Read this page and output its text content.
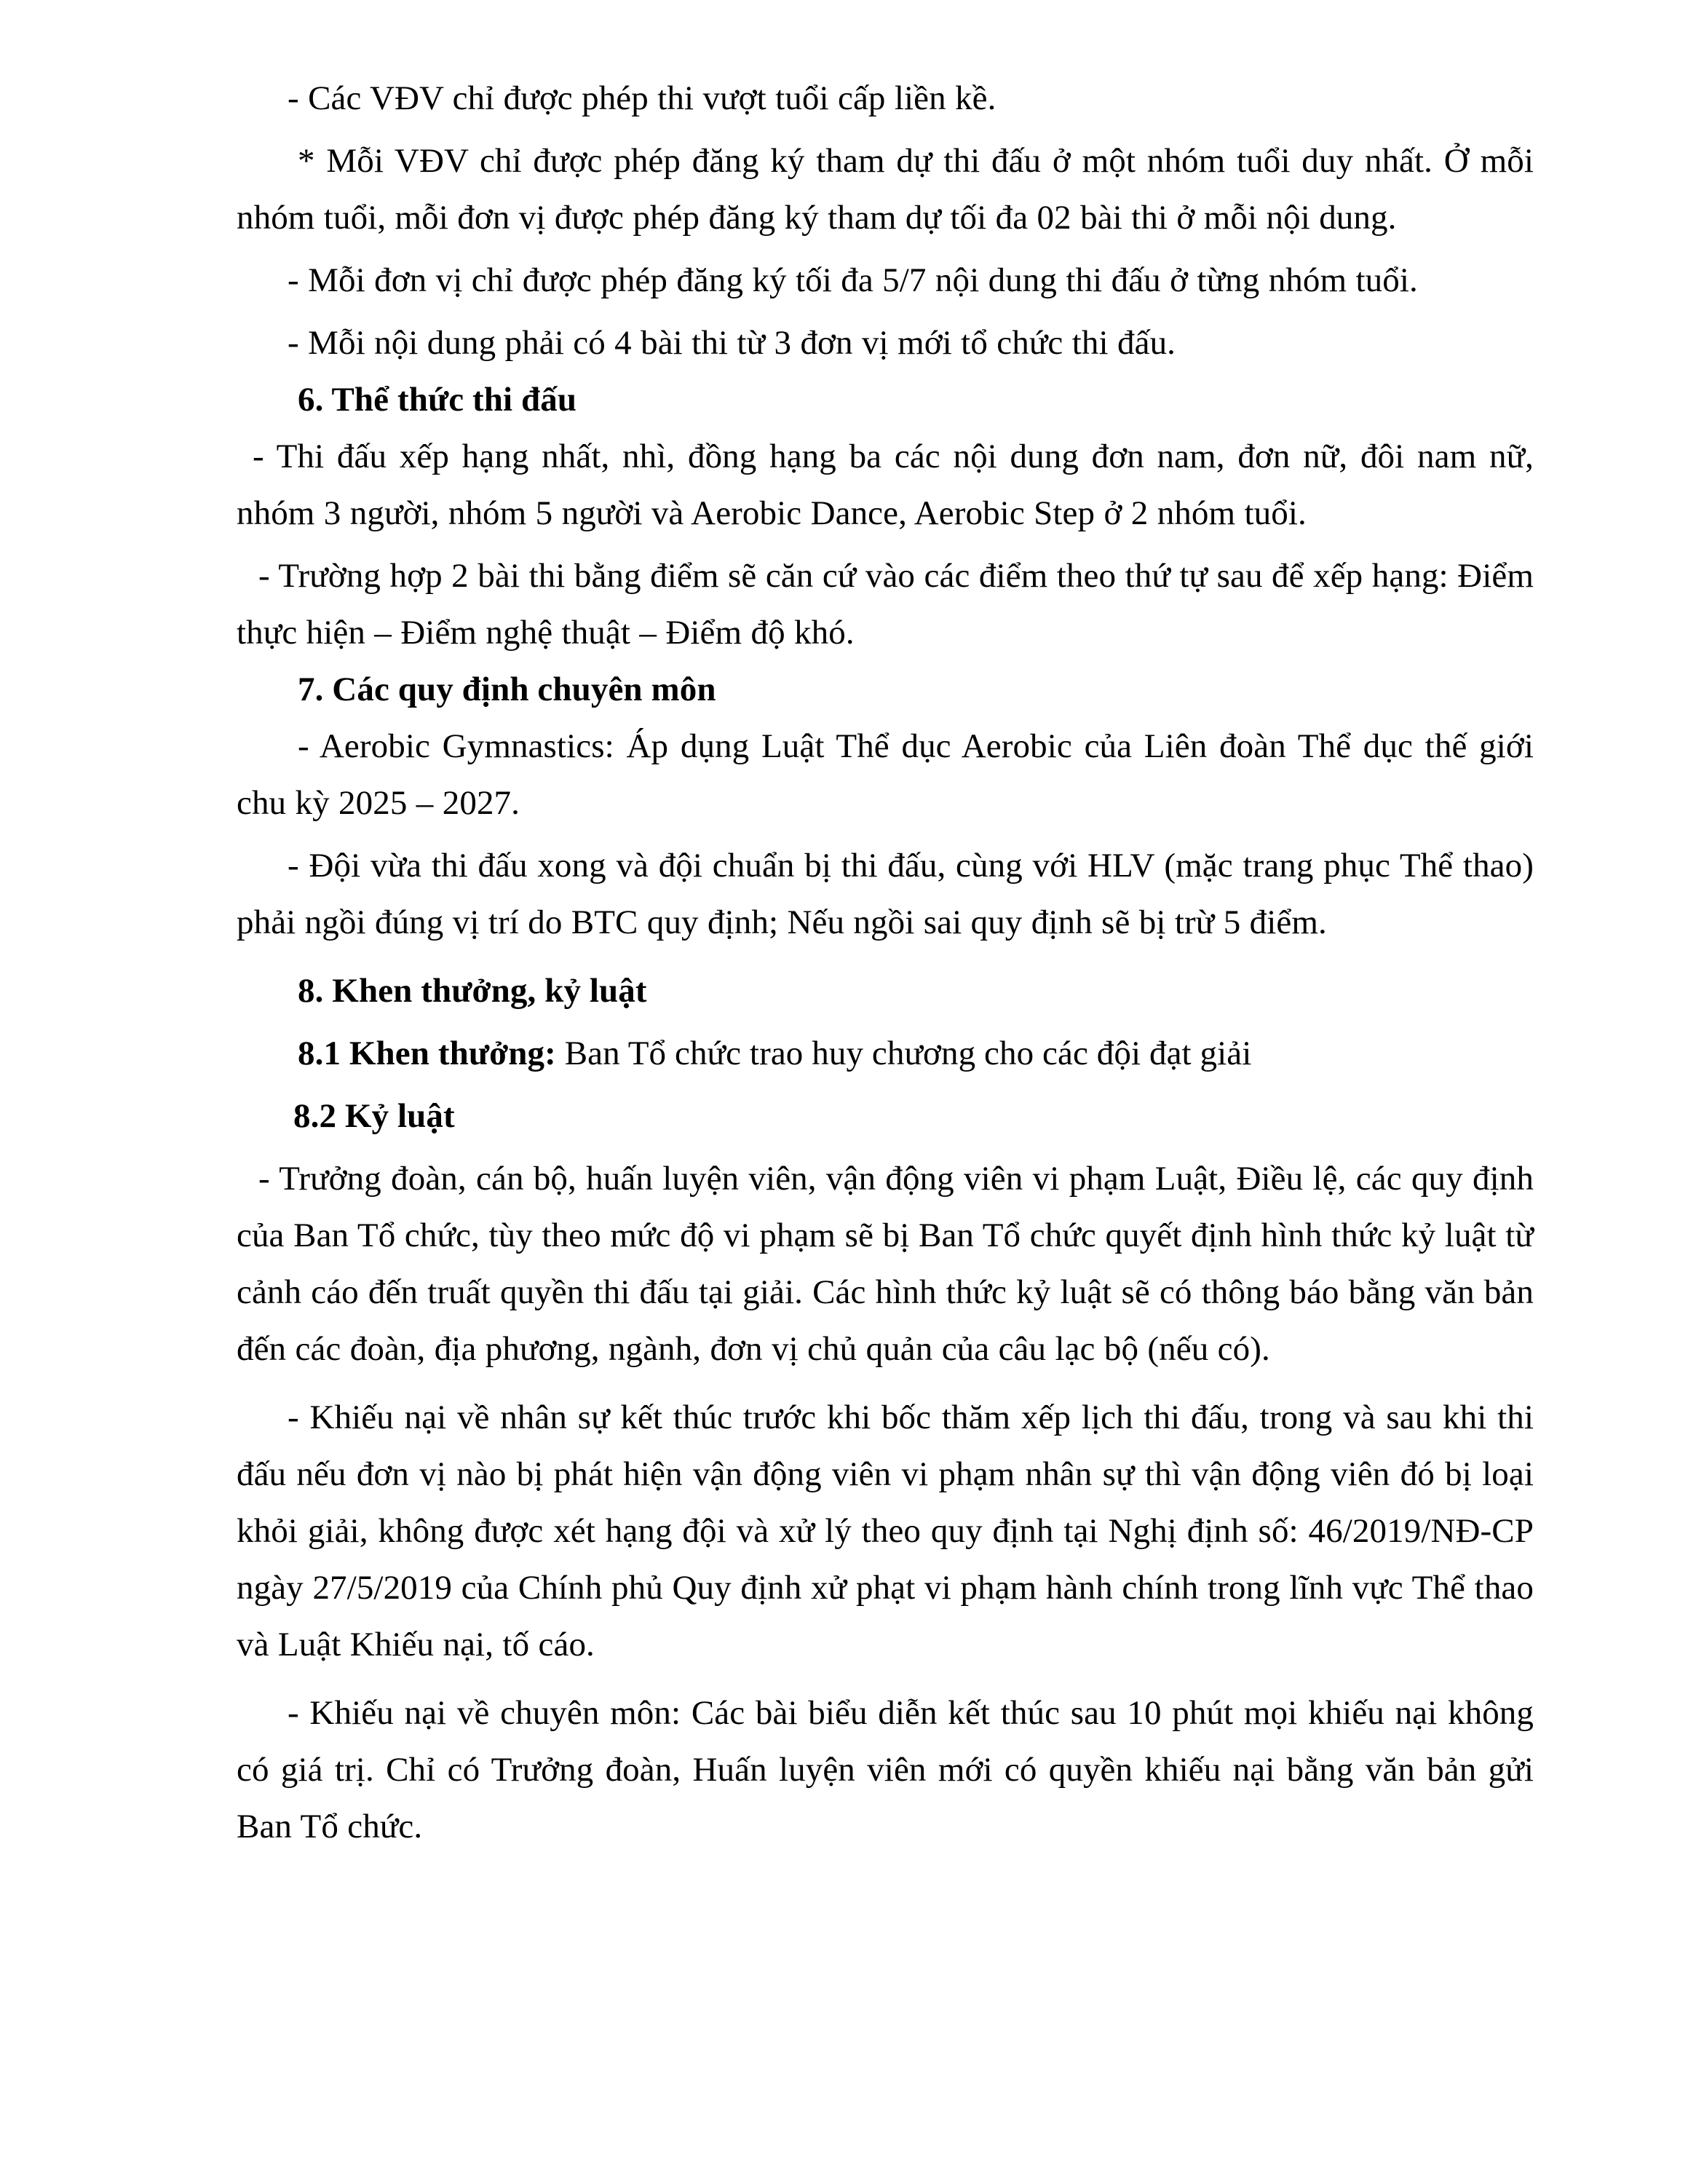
- Các VĐV chỉ được phép thi vượt tuổi cấp liền kề.

* Mỗi VĐV chỉ được phép đăng ký tham dự thi đấu ở một nhóm tuổi duy nhất. Ở mỗi nhóm tuổi, mỗi đơn vị được phép đăng ký tham dự tối đa 02 bài thi ở mỗi nội dung.

- Mỗi đơn vị chỉ được phép đăng ký tối đa 5/7 nội dung thi đấu ở từng nhóm tuổi.

- Mỗi nội dung phải có 4 bài thi từ 3 đơn vị mới tổ chức thi đấu.

6. Thể thức thi đấu

- Thi đấu xếp hạng nhất, nhì, đồng hạng ba các nội dung đơn nam, đơn nữ, đôi nam nữ, nhóm 3 người, nhóm 5 người và Aerobic Dance, Aerobic Step ở 2 nhóm tuổi.

- Trường hợp 2 bài thi bằng điểm sẽ căn cứ vào các điểm theo thứ tự sau để xếp hạng: Điểm thực hiện – Điểm nghệ thuật – Điểm độ khó.

7. Các quy định chuyên môn

- Aerobic Gymnastics: Áp dụng Luật Thể dục Aerobic của Liên đoàn Thể dục thế giới chu kỳ 2025 – 2027.

- Đội vừa thi đấu xong và đội chuẩn bị thi đấu, cùng với HLV (mặc trang phục Thể thao) phải ngồi đúng vị trí do BTC quy định; Nếu ngồi sai quy định sẽ bị trừ 5 điểm.

8. Khen thưởng, kỷ luật

8.1 Khen thưởng: Ban Tổ chức trao huy chương cho các đội đạt giải

8.2 Kỷ luật

- Trưởng đoàn, cán bộ, huấn luyện viên, vận động viên vi phạm Luật, Điều lệ, các quy định của Ban Tổ chức, tùy theo mức độ vi phạm sẽ bị Ban Tổ chức quyết định hình thức kỷ luật từ cảnh cáo đến truất quyền thi đấu tại giải. Các hình thức kỷ luật sẽ có thông báo bằng văn bản đến các đoàn, địa phương, ngành, đơn vị chủ quản của câu lạc bộ (nếu có).

- Khiếu nại về nhân sự kết thúc trước khi bốc thăm xếp lịch thi đấu, trong và sau khi thi đấu nếu đơn vị nào bị phát hiện vận động viên vi phạm nhân sự thì vận động viên đó bị loại khỏi giải, không được xét hạng đội và xử lý theo quy định tại Nghị định số: 46/2019/NĐ-CP ngày 27/5/2019 của Chính phủ Quy định xử phạt vi phạm hành chính trong lĩnh vực Thể thao và Luật Khiếu nại, tố cáo.

- Khiếu nại về chuyên môn: Các bài biểu diễn kết thúc sau 10 phút mọi khiếu nại không có giá trị. Chỉ có Trưởng đoàn, Huấn luyện viên mới có quyền khiếu nại bằng văn bản gửi Ban Tổ chức.
